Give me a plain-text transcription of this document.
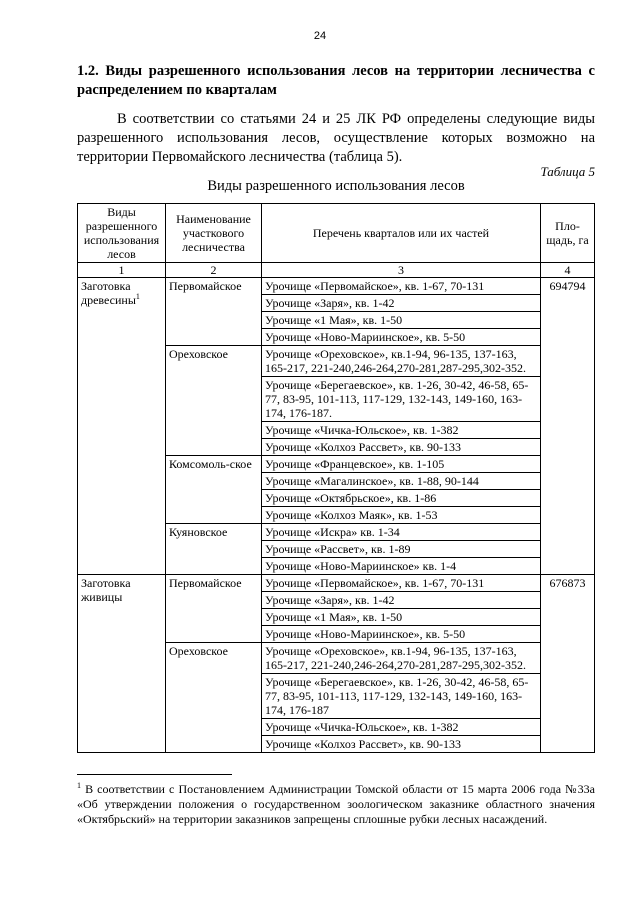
24
1.2. Виды разрешенного использования лесов на территории лесничества с распределением по кварталам
В соответствии со статьями 24 и 25 ЛК РФ определены следующие виды разрешенного использования лесов, осуществление которых возможно на территории Первомайского лесничества (таблица 5).
Таблица 5
Виды разрешенного использования лесов
Виды разрешенного использования лесов	Наименование участкового лесничества	Перечень кварталов или их частей	Пло-щадь, га
1	2	3	4
Заготовка древесины$^1$	Первомайское	Урочище «Первомайское», кв. 1-67, 70-131	694794
		Урочище «Заря», кв. 1-42	
		Урочище «1 Мая», кв. 1-50	
		Урочище «Ново-Мариинское», кв. 5-50	
	Ореховское	Урочище «Ореховское», кв.1-94, 96-135, 137-163, 165-217, 221-240,246-264,270-281,287-295,302-352.	
		Урочище «Берегаевское», кв. 1-26, 30-42, 46-58, 65-77, 83-95, 101-113, 117-129, 132-143, 149-160, 163-174, 176-187.	
		Урочище «Чичка-Юльское», кв. 1-382	
		Урочище «Колхоз Рассвет», кв. 90-133	
	Комсомоль-ское	Урочище «Францевское», кв. 1-105	
		Урочище «Магалинское», кв. 1-88, 90-144	
		Урочище «Октябрьское», кв. 1-86	
		Урочище «Колхоз Маяк», кв. 1-53	
	Куяновское	Урочище «Искра» кв. 1-34	
		Урочище «Рассвет», кв. 1-89	
		Урочище «Ново-Мариинское» кв. 1-4	
Заготовка живицы	Первомайское	Урочище «Первомайское», кв. 1-67, 70-131	676873
		Урочище «Заря», кв. 1-42	
		Урочище «1 Мая», кв. 1-50	
		Урочище «Ново-Мариинское», кв. 5-50	
	Ореховское	Урочище «Ореховское», кв.1-94, 96-135, 137-163, 165-217, 221-240,246-264,270-281,287-295,302-352.	
		Урочище «Берегаевское», кв. 1-26, 30-42, 46-58, 65-77, 83-95, 101-113, 117-129, 132-143, 149-160, 163-174, 176-187	
		Урочище «Чичка-Юльское», кв. 1-382	
		Урочище «Колхоз Рассвет», кв. 90-133	
$^1$ В соответствии с Постановлением Администрации Томской области от 15 марта 2006 года №33а «Об утверждении положения о государственном зоологическом заказнике областного значения «Октябрьский» на территории заказников запрещены сплошные рубки лесных насаждений.
